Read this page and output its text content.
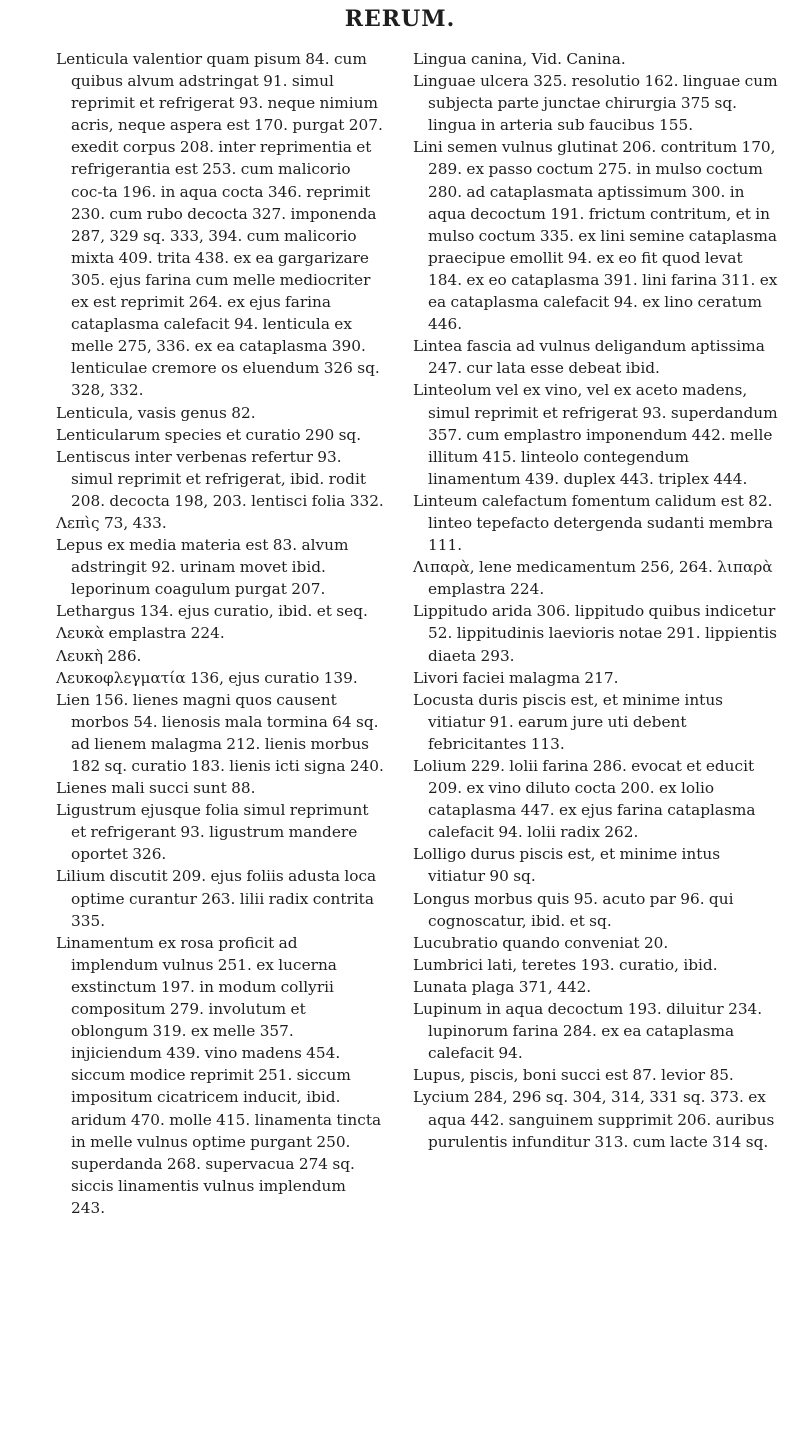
RERUM.
Lenticula valentior quam pisum 84. cum quibus alvum adstringat 91. simul reprimit et refrigerat 93. neque nimium acris, neque aspera est 170. purgat 207. exedit corpus 208. inter reprimentia et refrigerantia est 253. cum malicorio coc-ta 196. in aqua cocta 346. reprimit 230. cum rubo decocta 327. imponenda 287, 329 sq. 333, 394. cum malicorio mixta 409. trita 438. ex ea gargarizare 305. ejus farina cum melle mediocriter ex est reprimit 264. ex ejus farina cataplasma calefacit 94. lenticula ex melle 275, 336. ex ea cataplasma 390. lenticulae cremore os eluendum 326 sq. 328, 332.
Lenticula, vasis genus 82.
Lenticularum species et curatio 290 sq.
Lentiscus inter verbenas refertur 93. simul reprimit et refrigerat, ibid. rodit 208. decocta 198, 203. lentisci folia 332.
Λεπὶς 73, 433.
Lepus ex media materia est 83. alvum adstringit 92. urinam movet ibid. leporinum coagulum purgat 207.
Lethargus 134. ejus curatio, ibid. et seq.
Λευκὰ emplastra 224.
Λευκὴ 286.
Λευκοφλεγματία 136, ejus curatio 139.
Lien 156. lienes magni quos causent morbos 54. lienosis mala tormina 64 sq. ad lienem malagma 212. lienis morbus 182 sq. curatio 183. lienis icti signa 240.
Lienes mali succi sunt 88.
Ligustrum ejusque folia simul reprimunt et refrigerant 93. ligustrum mandere oportet 326.
Lilium discutit 209. ejus foliis adusta loca optime curantur 263. lilii radix contrita 335.
Linamentum ex rosa proficit ad implendum vulnus 251. ex lucerna exstinctum 197. in modum collyrii compositum 279. involutum et oblongum 319. ex melle 357. injiciendum 439. vino madens 454. siccum modice reprimit 251. siccum impositum cicatricem inducit, ibid. aridum 470. molle 415. linamenta tincta in melle vulnus optime purgant 250. superdanda 268. supervacua 274 sq. siccis linamentis vulnus implendum 243.
Lingua canina, Vid. Canina.
Linguae ulcera 325. resolutio 162. linguae cum subjecta parte junctae chirurgia 375 sq. lingua in arteria sub faucibus 155.
Lini semen vulnus glutinat 206. contritum 170, 289. ex passo coctum 275. in mulso coctum 280. ad cataplasmata aptissimum 300. in aqua decoctum 191. frictum contritum, et in mulso coctum 335. ex lini semine cataplasma praecipue emollit 94. ex eo fit quod levat 184. ex eo cataplasma 391. lini farina 311. ex ea cataplasma calefacit 94. ex lino ceratum 446.
Lintea fascia ad vulnus deligandum aptissima 247. cur lata esse debeat ibid.
Linteolum vel ex vino, vel ex aceto madens, simul reprimit et refrigerat 93. superdandum 357. cum emplastro imponendum 442. melle illitum 415. linteolo contegendum linamentum 439. duplex 443. triplex 444.
Linteum calefactum fomentum calidum est 82. linteo tepefacto detergenda sudanti membra 111.
Λιπαρὰ, lene medicamentum 256, 264. λιπαρὰ emplastra 224.
Lippitudo arida 306. lippitudo quibus indicetur 52. lippitudinis laevioris notae 291. lippientis diaeta 293.
Livori faciei malagma 217.
Locusta duris piscis est, et minime intus vitiatur 91. earum jure uti debent febricitantes 113.
Lolium 229. lolii farina 286. evocat et educit 209. ex vino diluto cocta 200. ex lolio cataplasma 447. ex ejus farina cataplasma calefacit 94. lolii radix 262.
Lolligo durus piscis est, et minime intus vitiatur 90 sq.
Longus morbus quis 95. acuto par 96. qui cognoscatur, ibid. et sq.
Lucubratio quando conveniat 20.
Lumbrici lati, teretes 193. curatio, ibid.
Lunata plaga 371, 442.
Lupinum in aqua decoctum 193. diluitur 234. lupinorum farina 284. ex ea cataplasma calefacit 94.
Lupus, piscis, boni succi est 87. levior 85.
Lycium 284, 296 sq. 304, 314, 331 sq. 373. ex aqua 442. sanguinem supprimit 206. auribus purulentis infunditur 313. cum lacte 314 sq.
